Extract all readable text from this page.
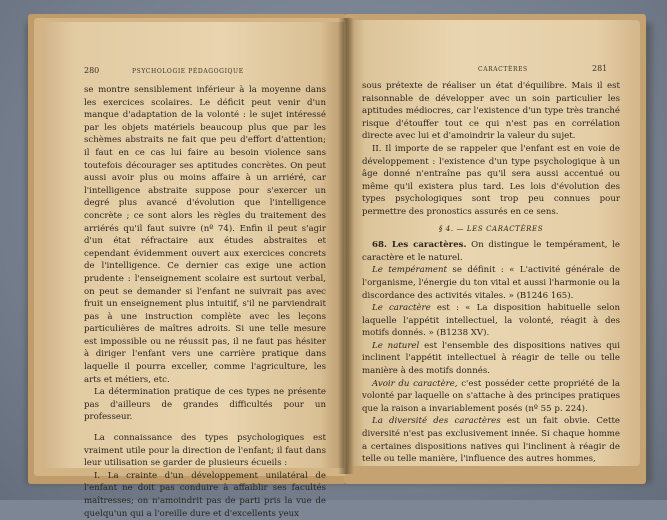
280	PSYCHOLOGIE PÉDAGOGIQUE

se montre sensiblement inférieur à la moyenne dans les exercices scolaires. Le déficit peut venir d'un manque d'adaptation de la volonté : le sujet intéressé par les objets matériels beaucoup plus que par les schèmes abstraits ne fait que peu d'effort d'attention; il faut en ce cas lui faire au besoin violence sans toutefois décourager ses aptitudes concrètes. On peut aussi avoir plus ou moins affaire à un arriéré, car l'intelligence abstraite suppose pour s'exercer un degré plus avancé d'évolution que l'intelligence concrète ; ce sont alors les règles du traitement des arriérés qu'il faut suivre (nº 74). Enfin il peut s'agir d'un état réfractaire aux études abstraites et cependant évidemment ouvert aux exercices concrets de l'intelligence. Ce dernier cas exige une action prudente : l'enseignement scolaire est surtout verbal, on peut se demander si l'enfant ne suivrait pas avec fruit un enseignement plus intuitif, s'il ne parviendrait pas à une instruction complète avec les leçons particulières de maîtres adroits. Si une telle mesure est impossible ou ne réussit pas, il ne faut pas hésiter à diriger l'enfant vers une carrière pratique dans laquelle il pourra exceller, comme l'agriculture, les arts et métiers, etc.

La détermination pratique de ces types ne présente pas d'ailleurs de grandes difficultés pour un professeur.

La connaissance des types psychologiques est vraiment utile pour la direction de l'enfant; il faut dans leur utilisation se garder de plusieurs écueils :

I. La crainte d'un développement unilatéral de l'enfant ne doit pas conduire à affaiblir ses facultés maîtresses; on n'amoindrit pas de parti pris la vue de quelqu'un qui a l'oreille dure et d'excellents yeux

CARACTÈRES	281

sous prétexte de réaliser un état d'équilibre. Mais il est raisonnable de développer avec un soin particulier les aptitudes médiocres, car l'existence d'un type très tranché risque d'étouffer tout ce qui n'est pas en corrélation directe avec lui et d'amoindrir la valeur du sujet.

II. Il importe de se rappeler que l'enfant est en voie de développement : l'existence d'un type psychologique à un âge donné n'entraîne pas qu'il sera aussi accentué ou même qu'il existera plus tard. Les lois d'évolution des types psychologiques sont trop peu connues pour permettre des pronostics assurés en ce sens.

§ 4. — LES CARACTÈRES

68. Les caractères. On distingue le tempérament, le caractère et le naturel.

Le tempérament se définit : « L'activité générale de l'organisme, l'énergie du ton vital et aussi l'harmonie ou la discordance des activités vitales. » (B1246 165).

Le caractère est : « La disposition habituelle selon laquelle l'appétit intellectuel, la volonté, réagit à des motifs donnés. » (B1238 XV).

Le naturel est l'ensemble des dispositions natives qui inclinent l'appétit intellectuel à réagir de telle ou telle manière à des motifs donnés.

Avoir du caractère, c'est posséder cette propriété de la volonté par laquelle on s'attache à des principes pratiques que la raison a invariablement posés (nº 55 p. 224).

La diversité des caractères est un fait obvie. Cette diversité n'est pas exclusivement innée. Si chaque homme a certaines dispositions natives qui l'inclinent à réagir de telle ou telle manière, l'influence des autres hommes,
